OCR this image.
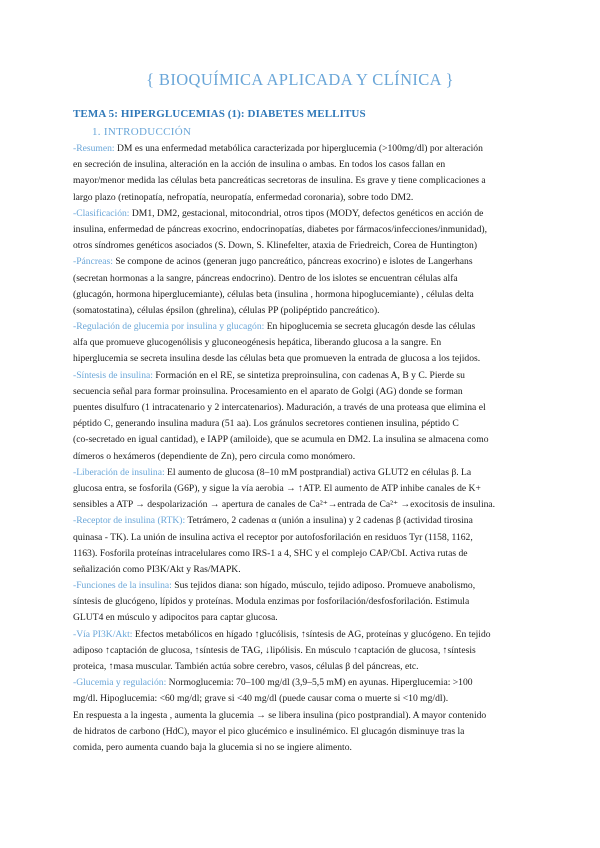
{ BIOQUÍMICA APLICADA Y CLÍNICA }
TEMA 5: HIPERGLUCEMIAS (1): DIABETES MELLITUS
1. INTRODUCCIÓN
-Resumen: DM es una enfermedad metabólica caracterizada por hiperglucemia (>100mg/dl) por alteración
en secreción de insulina, alteración en la acción de insulina o ambas. En todos los casos fallan en
mayor/menor medida las células beta pancreáticas secretoras de insulina. Es grave y tiene complicaciones a
largo plazo (retinopatía, nefropatía, neuropatía, enfermedad coronaria), sobre todo DM2.
-Clasificación: DM1, DM2, gestacional, mitocondrial, otros tipos (MODY, defectos genéticos en acción de
insulina, enfermedad de páncreas exocrino, endocrinopatías, diabetes por fármacos/infecciones/inmunidad),
otros síndromes genéticos asociados (S. Down, S. Klinefelter, ataxia de Friedreich, Corea de Huntington)
-Páncreas: Se compone de acinos (generan jugo pancreático, páncreas exocrino) e islotes de Langerhans
(secretan hormonas a la sangre, páncreas endocrino). Dentro de los islotes se encuentran células alfa
(glucagón, hormona hiperglucemiante), células beta (insulina , hormona hipoglucemiante) , células delta
(somatostatina), células épsilon (ghrelina), células PP (polipéptido pancreático).
-Regulación de glucemia por insulina y glucagón: En hipoglucemia se secreta glucagón desde las células
alfa que promueve glucogenólisis y gluconeogénesis hepática, liberando glucosa a la sangre. En
hiperglucemia se secreta insulina desde las células beta que promueven la entrada de glucosa a los tejidos.
-Síntesis de insulina: Formación en el RE, se sintetiza preproinsulina, con cadenas A, B y C. Pierde su
secuencia señal para formar proinsulina. Procesamiento en el aparato de Golgi (AG) donde se forman
puentes disulfuro (1 intracatenario y 2 intercatenarios). Maduración, a través de una proteasa que elimina el
péptido C, generando insulina madura (51 aa). Los gránulos secretores contienen insulina, péptido C
(co-secretado en igual cantidad), e IAPP (amiloide), que se acumula en DM2. La insulina se almacena como
dímeros o hexámeros (dependiente de Zn), pero circula como monómero.
-Liberación de insulina: El aumento de glucosa (8–10 mM postprandial) activa GLUT2 en células β. La
glucosa entra, se fosforila (G6P), y sigue la vía aerobia → ↑ATP. El aumento de ATP inhibe canales de K+
sensibles a ATP → despolarización → apertura de canales de Ca²⁺→entrada de Ca²⁺ →exocitosis de insulina.
-Receptor de insulina (RTK): Tetrámero, 2 cadenas α (unión a insulina) y 2 cadenas β (actividad tirosina
quinasa - TK). La unión de insulina activa el receptor por autofosforilación en residuos Tyr (1158, 1162,
1163). Fosforila proteínas intracelulares como IRS-1 a 4, SHC y el complejo CAP/CbI. Activa rutas de
señalización como PI3K/Akt y Ras/MAPK.
-Funciones de la insulina: Sus tejidos diana: son hígado, músculo, tejido adiposo. Promueve anabolismo,
síntesis de glucógeno, lípidos y proteínas. Modula enzimas por fosforilación/desfosforilación. Estimula
GLUT4 en músculo y adipocitos para captar glucosa.
-Vía PI3K/Akt: Efectos metabólicos en hígado ↑glucólisis, ↑síntesis de AG, proteínas y glucógeno. En tejido
adiposo ↑captación de glucosa, ↑síntesis de TAG, ↓lipólisis. En músculo ↑captación de glucosa, ↑síntesis
proteica, ↑masa muscular. También actúa sobre cerebro, vasos, células β del páncreas, etc.
-Glucemia y regulación: Normoglucemia: 70–100 mg/dl (3,9–5,5 mM) en ayunas. Hiperglucemia: >100
mg/dl. Hipoglucemia: <60 mg/dl; grave si <40 mg/dl (puede causar coma o muerte si <10 mg/dl).
En respuesta a la ingesta , aumenta la glucemia → se libera insulina (pico postprandial). A mayor contenido
de hidratos de carbono (HdC), mayor el pico glucémico e insulinémico. El glucagón disminuye tras la
comida, pero aumenta cuando baja la glucemia si no se ingiere alimento.
